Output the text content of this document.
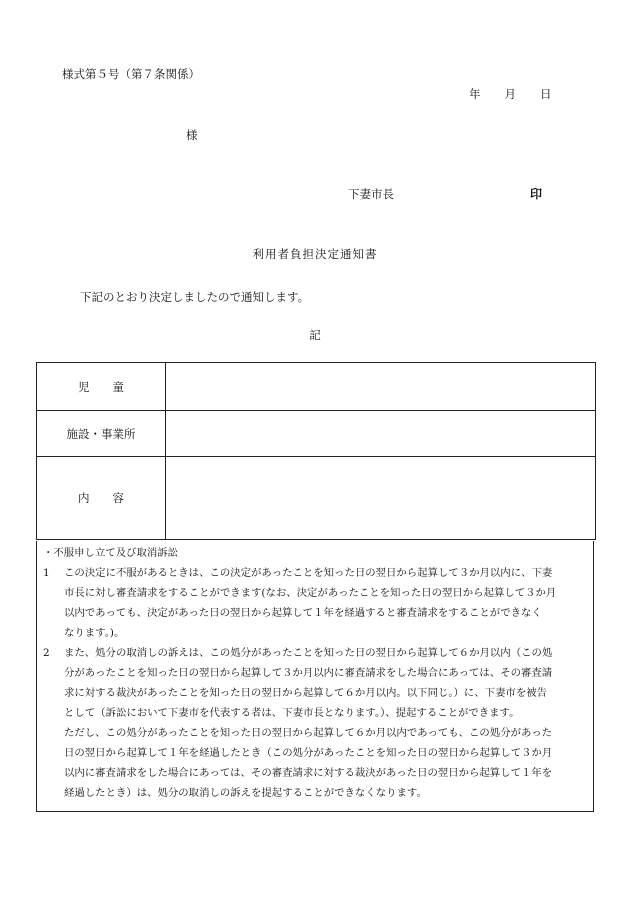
様式第５号（第７条関係）
年 月 日
様
下妻市長	印
利用者負担決定通知書
下記のとおり決定しましたので通知します。
記
児　　童	
施設・事業所	
内　　容	
・不服申し立て及び取消訴訟
1 この決定に不服があるときは、この決定があったことを知った日の翌日から起算して３か月以内に、下妻
市長に対し審査請求をすることができます(なお、決定があったことを知った日の翌日から起算して３か月
以内であっても、決定があった日の翌日から起算して１年を経過すると審査請求をすることができなく
なります。)。
2 また、処分の取消しの訴えは、この処分があったことを知った日の翌日から起算して６か月以内（この処
分があったことを知った日の翌日から起算して３か月以内に審査請求をした場合にあっては、その審査請
求に対する裁決があったことを知った日の翌日から起算して６か月以内。以下同じ。）に、下妻市を被告
として（訴訟において下妻市を代表する者は、下妻市長となります。）、提起することができます。
ただし、この処分があったことを知った日の翌日から起算して６か月以内であっても、この処分があった
日の翌日から起算して１年を経過したとき（この処分があったことを知った日の翌日から起算して３か月
以内に審査請求をした場合にあっては、その審査請求に対する裁決があった日の翌日から起算して１年を
経過したとき）は、処分の取消しの訴えを提起することができなくなります。
